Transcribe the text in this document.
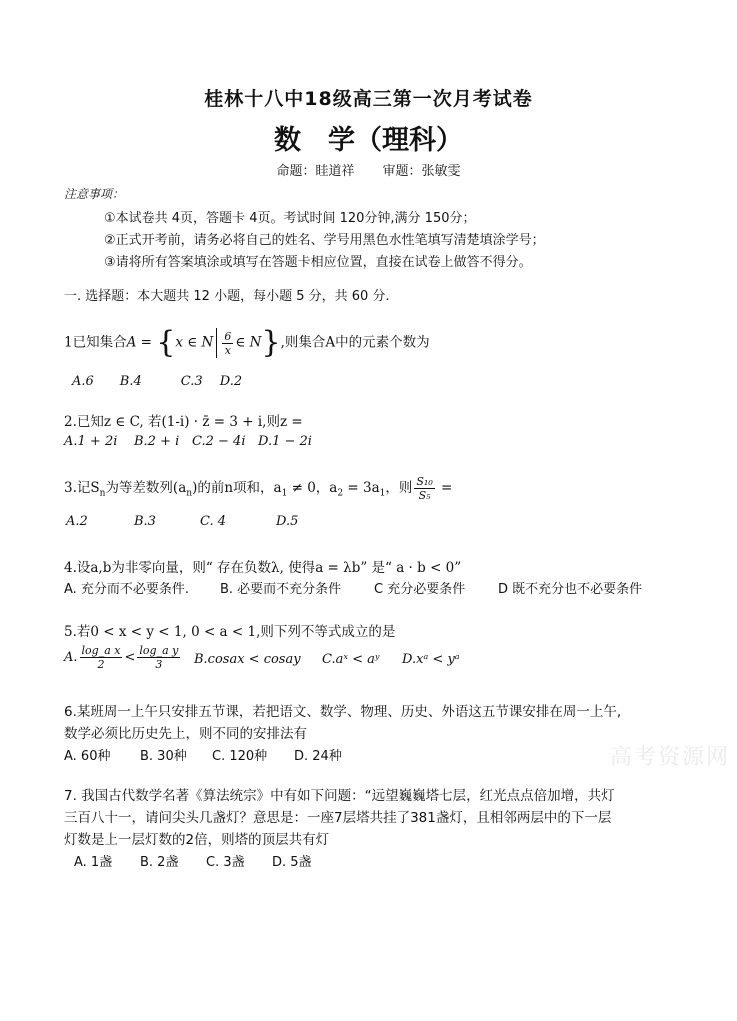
桂林十八中18级高三第一次月考试卷
数　学（理科）
命题：眭道祥 审题：张敏雯
注意事项：
①本试卷共 4页，答题卡 4页。考试时间 120分钟,满分 150分；
②正式开考前，请务必将自己的姓名、学号用黑色水性笔填写清楚填涂学号；
③请将所有答案填涂或填写在答题卡相应位置，直接在试卷上做答不得分。
一. 选择题：本大题共 12 小题，每小题 5 分，共 60 分.
1已知集合A = {x ∈ N $\frac{6}{x}$ ∈ N},则集合A中的元素个数为
A.6　　B.4　　　C.3　 D.2
2.已知z ∈ C, 若(1-i) · z̄ = 3 + i,则z =
A.1 + 2i B.2 + i C.2 − 4i D.1 − 2i
3.记$S_n$为等差数列$(a_n)$的前n项和，$a_1 \ne 0$，$a_2 = 3a_1$，则 $\frac{\text{S₁₀}}{\text{S₅}}$ =
A.2	B.3	C. 4	D.5
4.设a,b为非零向量，则“ 存在负数λ, 使得a = λb” 是“ a · b < 0”
A. 充分而不必要条件. B. 必要而不充分条件	C 充分必要条件	D 既不充分也不必要条件
5.若0 < x < y < 1, 0 < a < 1,则下列不等式成立的是
A. $\frac{\text{log\_a x}}{2} < \frac{\text{log\_a y}}{3}$ B.cosax < cosay C.aˣ < aʸ D.xᵃ < yᵃ
6.某班周一上午只安排五节课，若把语文、数学、物理、历史、外语这五节课安排在周一上午,
数学必须比历史先上，则不同的安排法有
A. 60种 B. 30种 C. 120种 D. 24种	高考资源网
7. 我国古代数学名著《算法统宗》中有如下问题：“远望巍巍塔七层，红光点点倍加增，共灯
三百八十一，请问尖头几盏灯？意思是：一座7层塔共挂了381盏灯，且相邻两层中的下一层
灯数是上一层灯数的2倍，则塔的顶层共有灯
A. 1盏 B. 2盏 C. 3盏 D. 5盏
